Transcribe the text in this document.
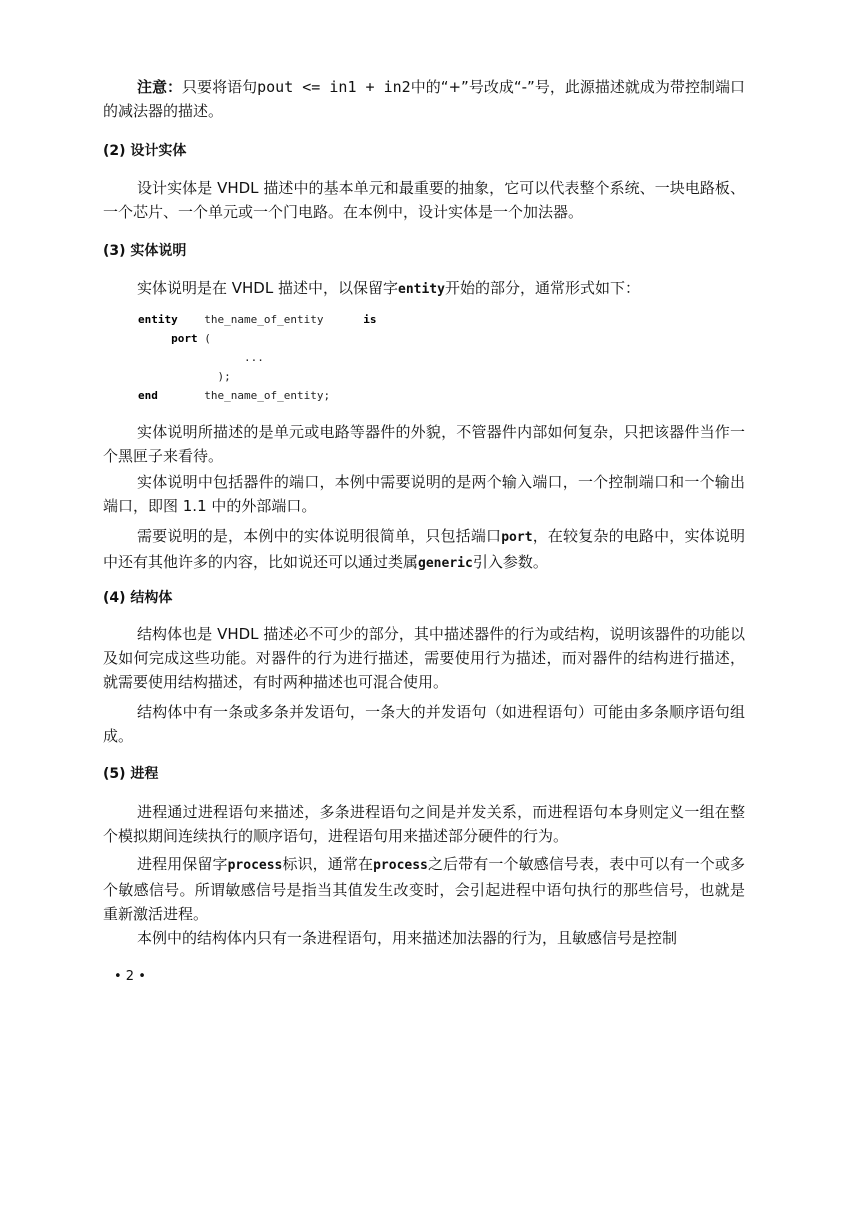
注意：只要将语句pout <= in1 + in2中的“+”号改成“-”号，此源描述就成为带控制端口的减法器的描述。

(2) 设计实体

设计实体是 VHDL 描述中的基本单元和最重要的抽象，它可以代表整个系统、一块电路板、一个芯片、一个单元或一个门电路。在本例中，设计实体是一个加法器。

(3) 实体说明

实体说明是在 VHDL 描述中，以保留字entity开始的部分，通常形式如下：

entity the_name_of_entity	is
port (
...
);
end	the_name_of_entity;

实体说明所描述的是单元或电路等器件的外貌，不管器件内部如何复杂，只把该器件当作一个黑匣子来看待。

实体说明中包括器件的端口，本例中需要说明的是两个输入端口，一个控制端口和一个输出端口，即图 1.1 中的外部端口。

需要说明的是，本例中的实体说明很简单，只包括端口port，在较复杂的电路中，实体说明中还有其他许多的内容，比如说还可以通过类属generic引入参数。

(4) 结构体

结构体也是 VHDL 描述必不可少的部分，其中描述器件的行为或结构，说明该器件的功能以及如何完成这些功能。对器件的行为进行描述，需要使用行为描述，而对器件的结构进行描述，就需要使用结构描述，有时两种描述也可混合使用。

结构体中有一条或多条并发语句，一条大的并发语句（如进程语句）可能由多条顺序语句组成。

(5) 进程

进程通过进程语句来描述，多条进程语句之间是并发关系，而进程语句本身则定义一组在整个模拟期间连续执行的顺序语句，进程语句用来描述部分硬件的行为。

进程用保留字process标识，通常在process之后带有一个敏感信号表，表中可以有一个或多个敏感信号。所谓敏感信号是指当其值发生改变时，会引起进程中语句执行的那些信号，也就是重新激活进程。

本例中的结构体内只有一条进程语句，用来描述加法器的行为，且敏感信号是控制

• 2 •
